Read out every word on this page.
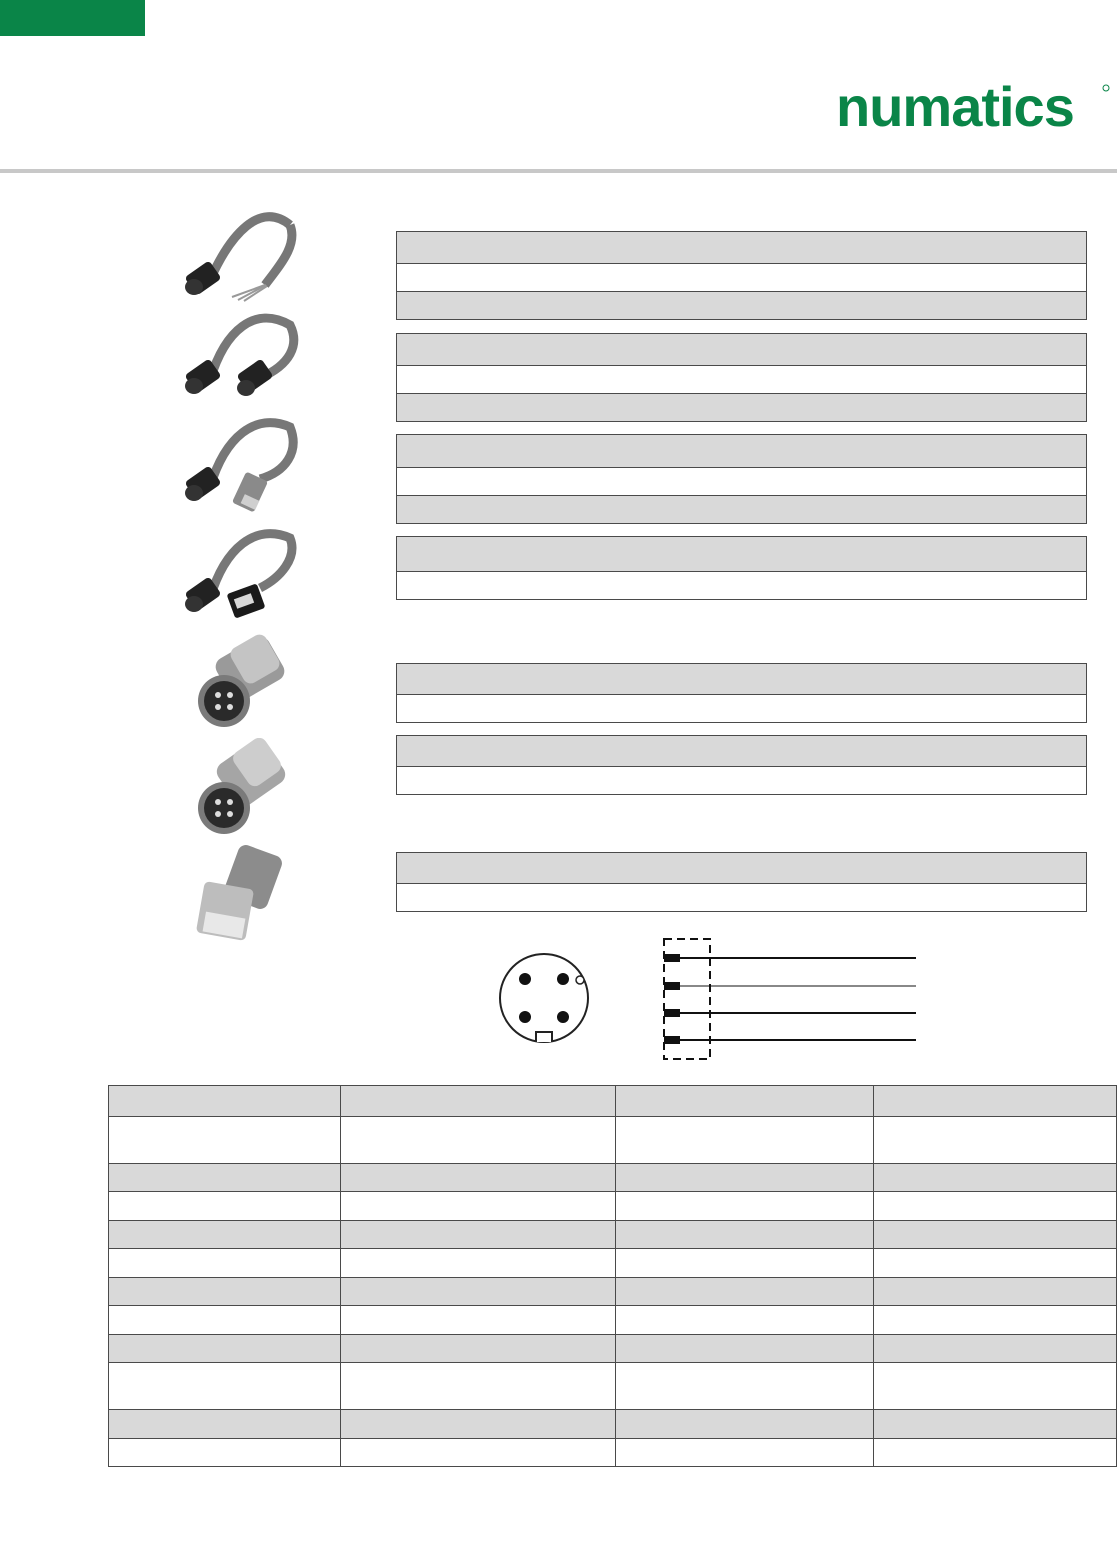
numatics
